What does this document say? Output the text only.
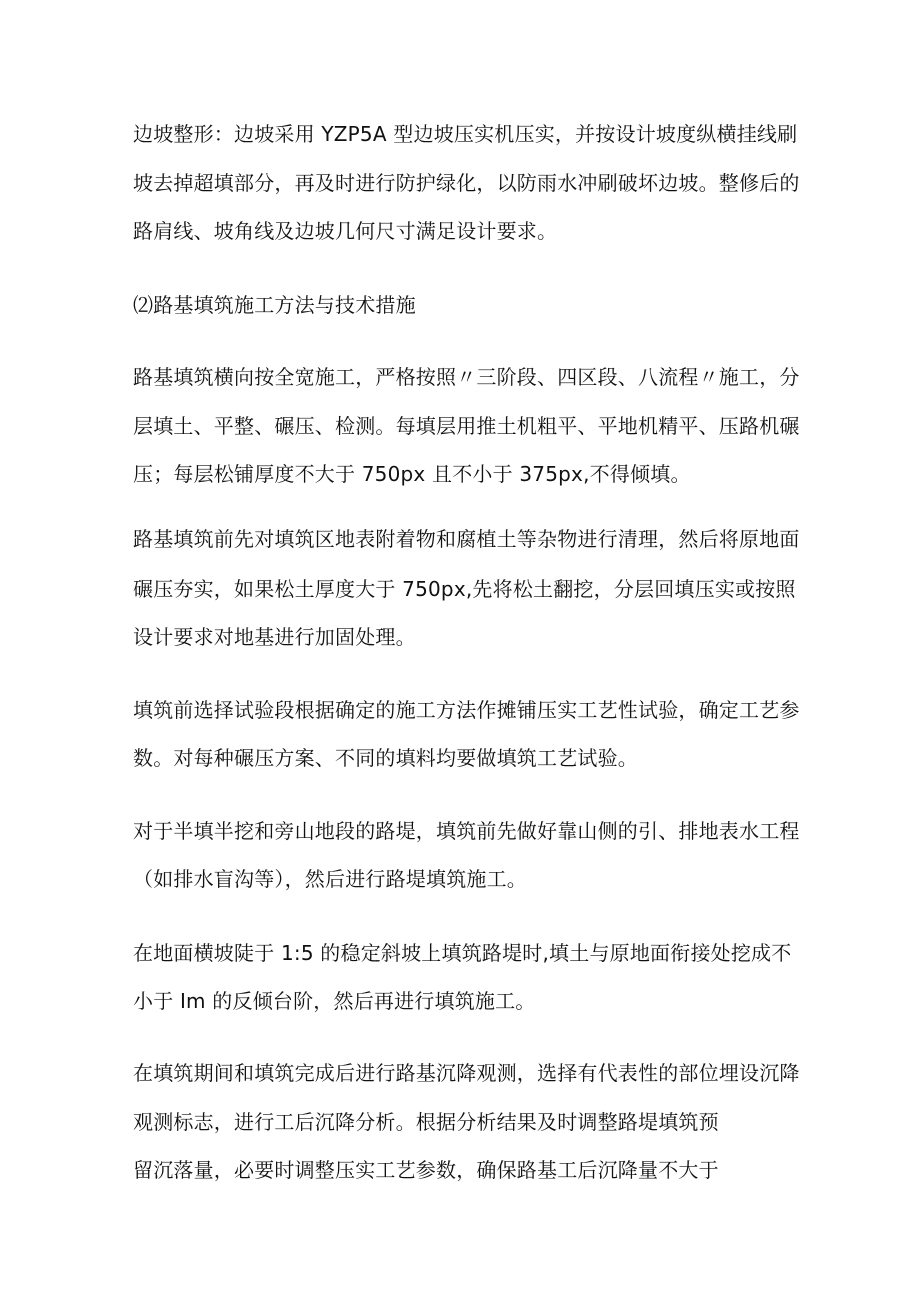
边坡整形：边坡采用 YZP5A 型边坡压实机压实，并按设计坡度纵横挂线刷
坡去掉超填部分，再及时进行防护绿化，以防雨水冲刷破坏边坡。整修后的
路肩线、坡角线及边坡几何尺寸满足设计要求。
⑵路基填筑施工方法与技术措施
路基填筑横向按全宽施工，严格按照〃三阶段、四区段、八流程〃施工，分
层填土、平整、碾压、检测。每填层用推土机粗平、平地机精平、压路机碾
压；每层松铺厚度不大于 750px 且不小于 375px,不得倾填。
路基填筑前先对填筑区地表附着物和腐植土等杂物进行清理，然后将原地面
碾压夯实，如果松土厚度大于 750px,先将松土翻挖，分层回填压实或按照
设计要求对地基进行加固处理。
填筑前选择试验段根据确定的施工方法作摊铺压实工艺性试验，确定工艺参
数。对每种碾压方案、不同的填料均要做填筑工艺试验。
对于半填半挖和旁山地段的路堤，填筑前先做好靠山侧的引、排地表水工程
（如排水盲沟等），然后进行路堤填筑施工。
在地面横坡陡于 1:5 的稳定斜坡上填筑路堤时,填土与原地面衔接处挖成不
小于 Im 的反倾台阶，然后再进行填筑施工。
在填筑期间和填筑完成后进行路基沉降观测，选择有代表性的部位埋设沉降
观测标志，进行工后沉降分析。根据分析结果及时调整路堤填筑预
留沉落量，必要时调整压实工艺参数，确保路基工后沉降量不大于
